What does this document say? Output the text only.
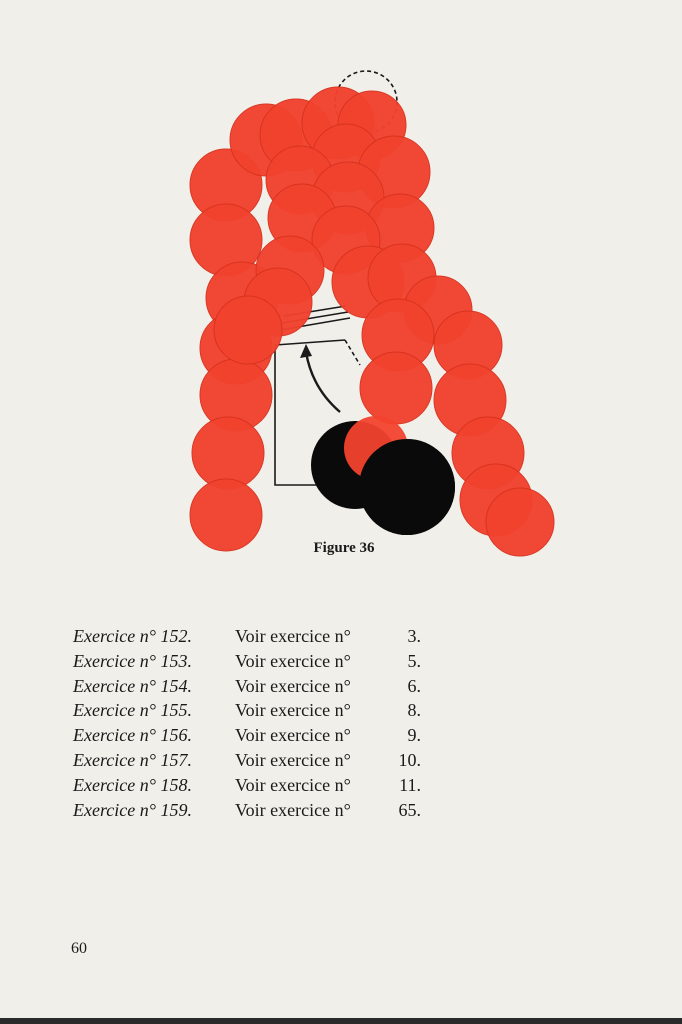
Figure 36
Exercice n° 152.	Voir exercice n°	3.
Exercice n° 153.	Voir exercice n°	5.
Exercice n° 154.	Voir exercice n°	6.
Exercice n° 155.	Voir exercice n°	8.
Exercice n° 156.	Voir exercice n°	9.
Exercice n° 157.	Voir exercice n°	10.
Exercice n° 158.	Voir exercice n°	11.
Exercice n° 159.	Voir exercice n°	65.
60
